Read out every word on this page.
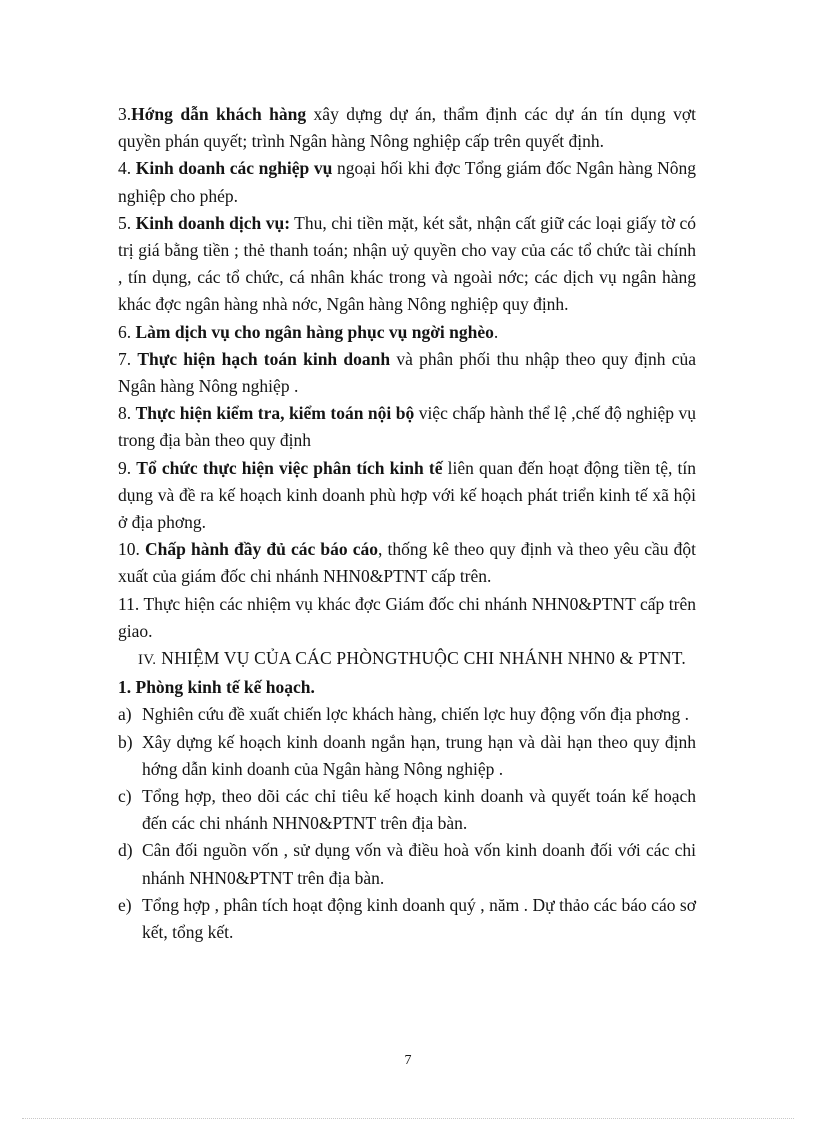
3.Hớng dẫn khách hàng xây dựng dự án, thẩm định các dự án tín dụng vợt quyền phán quyết; trình Ngân hàng Nông nghiệp cấp trên quyết định.

4. Kinh doanh các nghiệp vụ ngoại hối khi đợc Tổng giám đốc Ngân hàng Nông nghiệp cho phép.

5. Kinh doanh dịch vụ: Thu, chi tiền mặt, két sắt, nhận cất giữ các loại giấy tờ có trị giá bằng tiền ; thẻ thanh toán; nhận uỷ quyền cho vay của các tổ chức tài chính , tín dụng, các tổ chức, cá nhân khác trong và ngoài nớc; các dịch vụ ngân hàng khác đợc ngân hàng nhà nớc, Ngân hàng Nông nghiệp quy định.

6. Làm dịch vụ cho ngân hàng phục vụ ngời nghèo.

7. Thực hiện hạch toán kinh doanh và phân phối thu nhập theo quy định của Ngân hàng Nông nghiệp .

8. Thực hiện kiểm tra, kiểm toán nội bộ việc chấp hành thể lệ ,chế độ nghiệp vụ trong địa bàn theo quy định

9. Tổ chức thực hiện việc phân tích kinh tế liên quan đến hoạt động tiền tệ, tín dụng và đề ra kế hoạch kinh doanh phù hợp với kế hoạch phát triển kinh tế xã hội ở địa phơng.

10. Chấp hành đầy đủ các báo cáo, thống kê theo quy định và theo yêu cầu đột xuất của giám đốc chi nhánh NHN0&PTNT cấp trên.

11. Thực hiện các nhiệm vụ khác đợc Giám đốc chi nhánh NHN0&PTNT cấp trên giao.

IV. NHIỆM VỤ CỦA CÁC PHÒNGTHUỘC CHI NHÁNH NHN0 & PTNT.

1. Phòng kinh tế kế hoạch.

a) Nghiên cứu đề xuất chiến lợc khách hàng, chiến lợc huy động vốn địa phơng .
b) Xây dựng kế hoạch kinh doanh ngắn hạn, trung hạn và dài hạn theo quy định hớng dẫn kinh doanh của Ngân hàng Nông nghiệp .
c) Tổng hợp, theo dõi các chỉ tiêu kế hoạch kinh doanh và quyết toán kế hoạch đến các chi nhánh NHN0&PTNT trên địa bàn.
d) Cân đối nguồn vốn , sử dụng vốn và điều hoà vốn kinh doanh đối với các chi nhánh NHN0&PTNT trên địa bàn.
e) Tổng hợp , phân tích hoạt động kinh doanh quý , năm . Dự thảo các báo cáo sơ kết, tổng kết.
7
